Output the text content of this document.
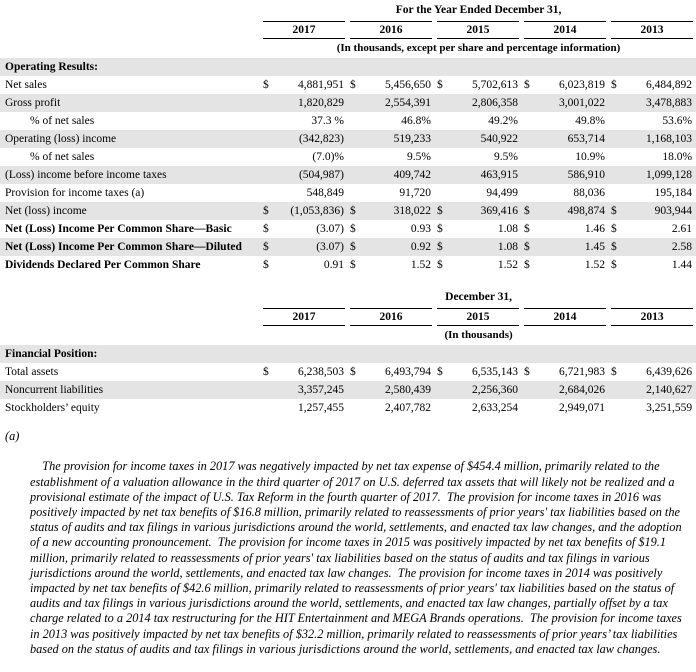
	For the Year Ended December 31,									

	2017		2016		2015		2014		2013	

	(In thousands, except per share and percentage information)									
Operating Results:										
Net sales	$	4,881,951	$	5,456,650	$	5,702,613	$	6,023,819	$	6,484,892
Gross profit		1,820,829		2,554,391		2,806,358		3,001,022		3,478,883
% of net sales		37.3 %		46.8%		49.2%		49.8%		53.6%
Operating (loss) income		(342,823)		519,233		540,922		653,714		1,168,103
% of net sales		(7.0)%		9.5%		9.5%		10.9%		18.0%
(Loss) income before income taxes		(504,987)		409,742		463,915		586,910		1,099,128
Provision for income taxes (a)		548,849		91,720		94,499		88,036		195,184
Net (loss) income	$	(1,053,836)	$	318,022	$	369,416	$	498,874	$	903,944
Net (Loss) Income Per Common Share—Basic	$	(3.07)	$	0.93	$	1.08	$	1.46	$	2.61
Net (Loss) Income Per Common Share—Diluted	$	(3.07)	$	0.92	$	1.08	$	1.45	$	2.58
Dividends Declared Per Common Share	$	0.91	$	1.52	$	1.52	$	1.52	$	1.44
	December 31,									

	2017		2016		2015		2014		2013	

	(In thousands)									
Financial Position:										
Total assets	$	6,238,503	$	6,493,794	$	6,535,143	$	6,721,983	$	6,439,626
Noncurrent liabilities		3,357,245		2,580,439		2,256,360		2,684,026		2,140,627
Stockholders’ equity		1,257,455		2,407,782		2,633,254		2,949,071		3,251,559

(a)

The provision for income taxes in 2017 was negatively impacted by net tax expense of $454.4 million, primarily related to the establishment of a valuation allowance in the third quarter of 2017 on U.S. deferred tax assets that will likely not be realized and a provisional estimate of the impact of U.S. Tax Reform in the fourth quarter of 2017.  The provision for income taxes in 2016 was positively impacted by net tax benefits of $16.8 million, primarily related to reassessments of prior years' tax liabilities based on the status of audits and tax filings in various jurisdictions around the world, settlements, and enacted tax law changes, and the adoption of a new accounting pronouncement.  The provision for income taxes in 2015 was positively impacted by net tax benefits of $19.1 million, primarily related to reassessments of prior years' tax liabilities based on the status of audits and tax filings in various jurisdictions around the world, settlements, and enacted tax law changes.  The provision for income taxes in 2014 was positively impacted by net tax benefits of $42.6 million, primarily related to reassessments of prior years' tax liabilities based on the status of audits and tax filings in various jurisdictions around the world, settlements, and enacted tax law changes, partially offset by a tax charge related to a 2014 tax restructuring for the HIT Entertainment and MEGA Brands operations.  The provision for income taxes in 2013 was positively impacted by net tax benefits of $32.2 million, primarily related to reassessments of prior years’ tax liabilities based on the status of audits and tax filings in various jurisdictions around the world, settlements, and enacted tax law changes.
